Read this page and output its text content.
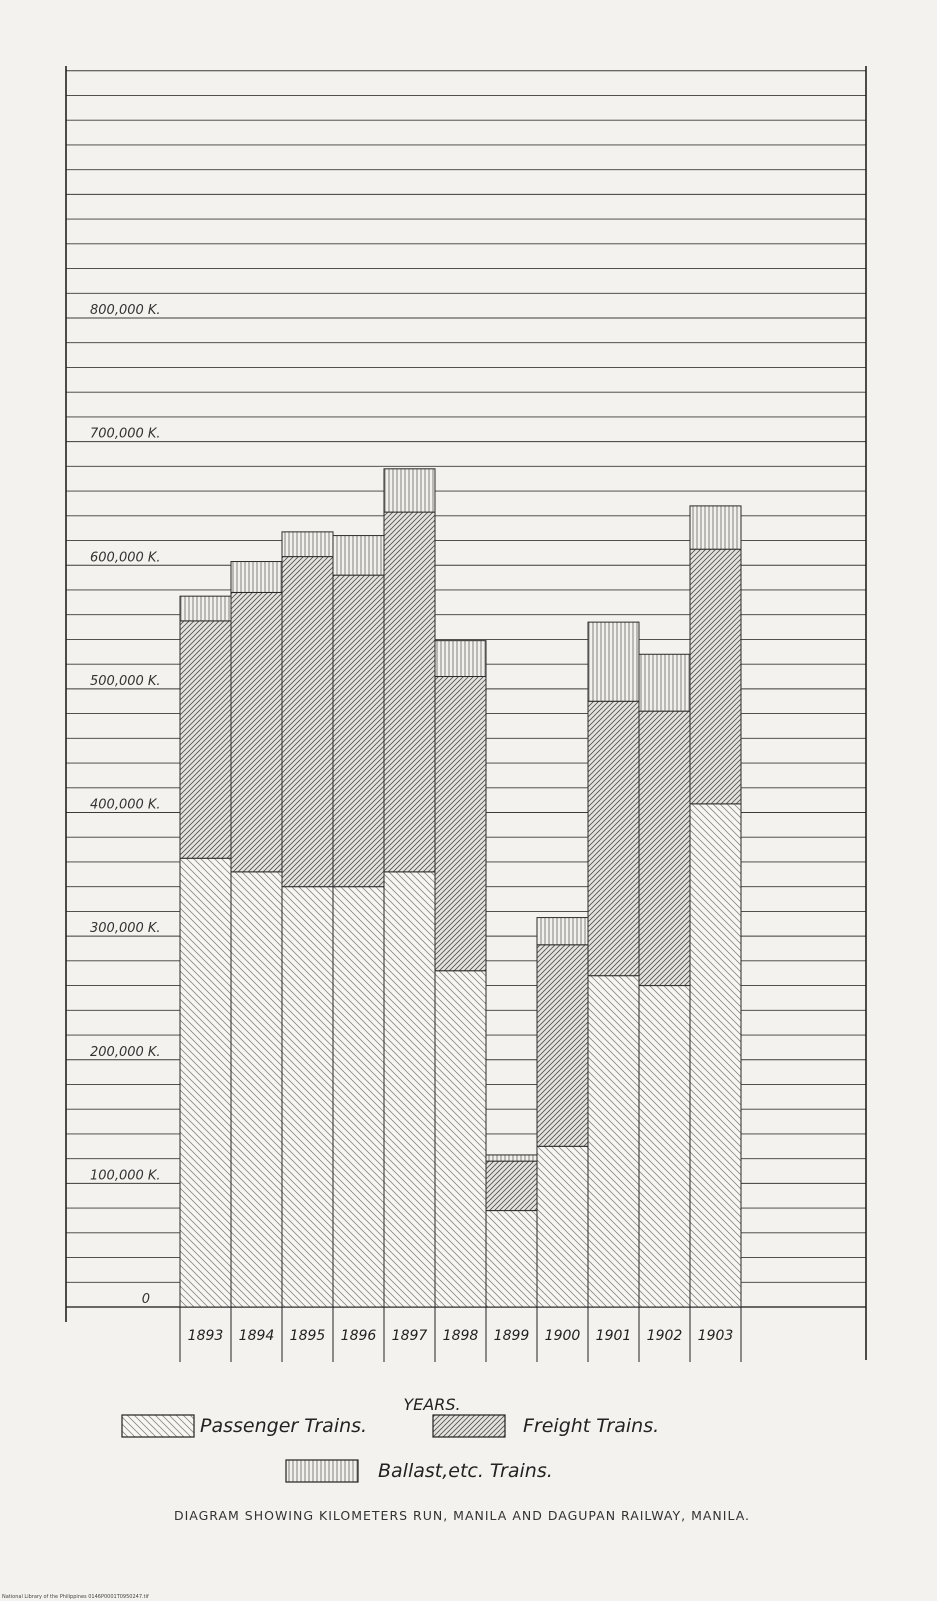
0
100,000 K.
200,000 K.
300,000 K.
400,000 K.
500,000 K.
600,000 K.
700,000 K.
800,000 K.
1893 1894 1895 1896 1897 1898 1899 1900 1901 1902 1903
YEARS.
Passenger Trains.	Freight Trains.
Ballast,etc. Trains.
DIAGRAM SHOWING KILOMETERS RUN, MANILA AND DAGUPAN RAILWAY, MANILA.
National Library of the Philippines 0146P0001T0950247.tif
